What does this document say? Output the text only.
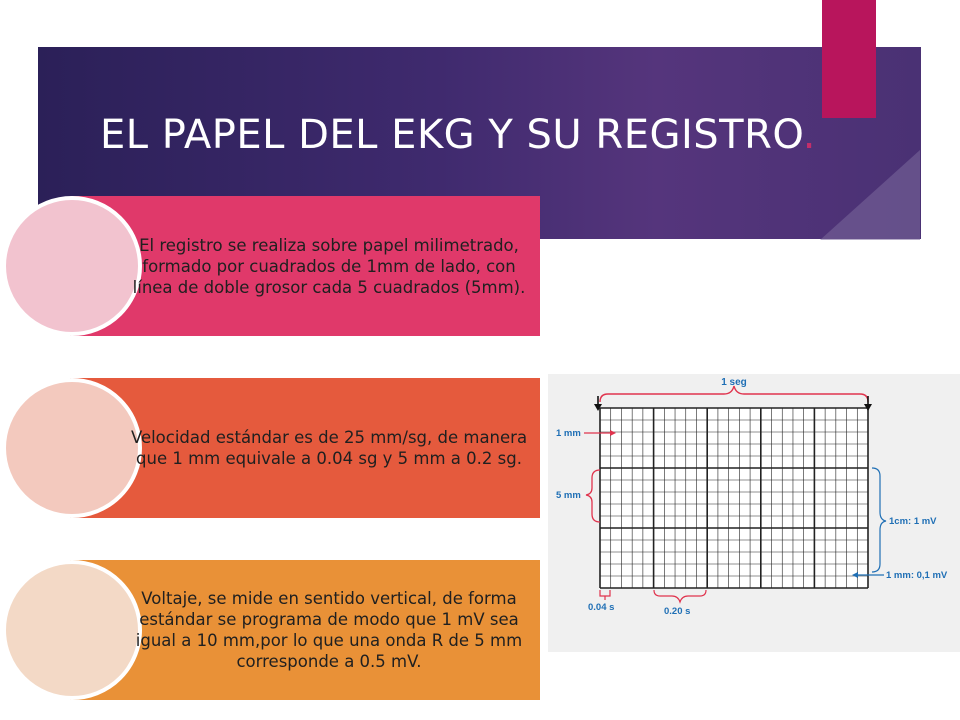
EL PAPEL DEL EKG Y SU REGISTRO.
El registro se realiza sobre papel milimetrado, formado por cuadrados de 1mm de lado, con línea de doble grosor cada 5 cuadrados (5mm).
Velocidad estándar es de 25 mm/sg, de manera que 1 mm equivale a 0.04 sg y 5 mm a 0.2 sg.
Voltaje, se mide en sentido vertical, de forma estándar se programa de modo que 1 mV sea igual a 10 mm,por lo que una onda R de 5 mm corresponde a 0.5 mV.
1 seg
1 mm
5 mm
1cm: 1 mV
1 mm: 0,1 mV
0.04 s	0.20 s
